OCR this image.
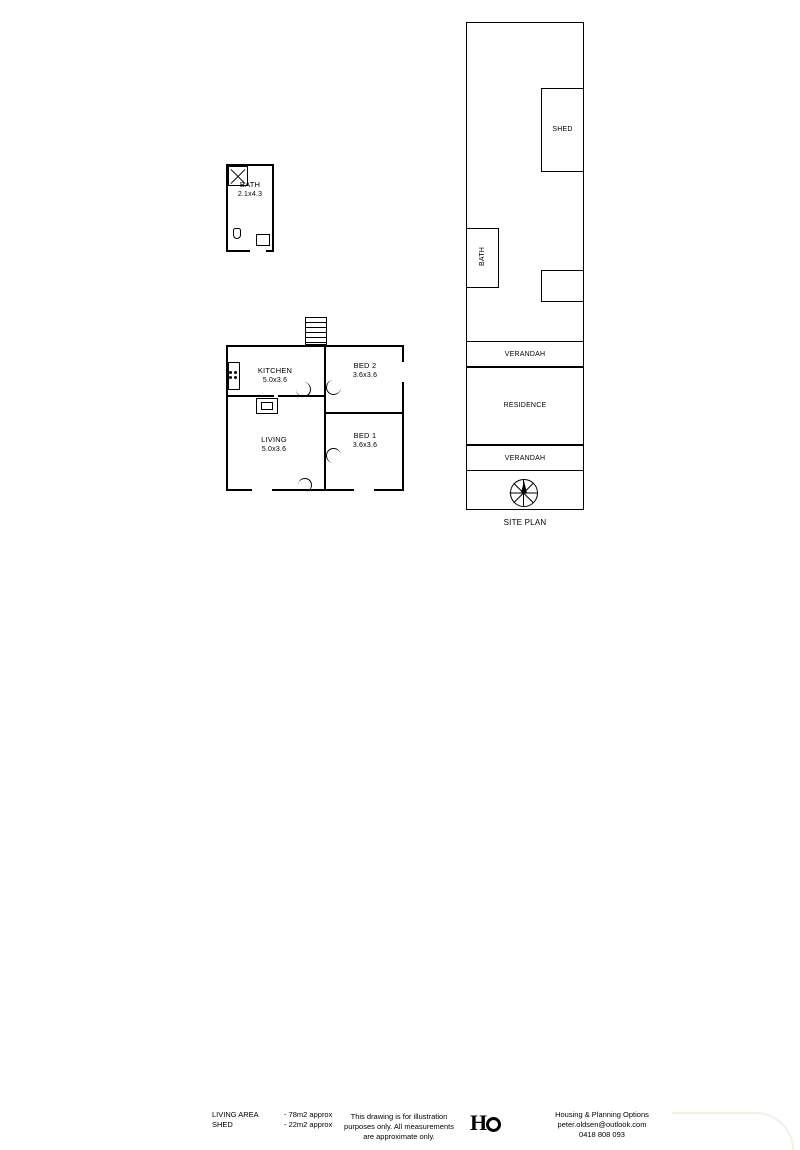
BATH
2.1x4.3
KITCHEN
5.0x3.6
BED 2
3.6x3.6
LIVING
5.0x3.6
BED 1
3.6x3.6
SHED
BATH
VERANDAH
RESIDENCE
VERANDAH
SITE PLAN
LIVING AREA	- 78m2 approx
SHED	- 22m2 approx
This drawing is for illustration purposes only. All measurements are approximate only.
H	Housing & Planning Options
peter.oldsen@outlook.com
0418 808 093
